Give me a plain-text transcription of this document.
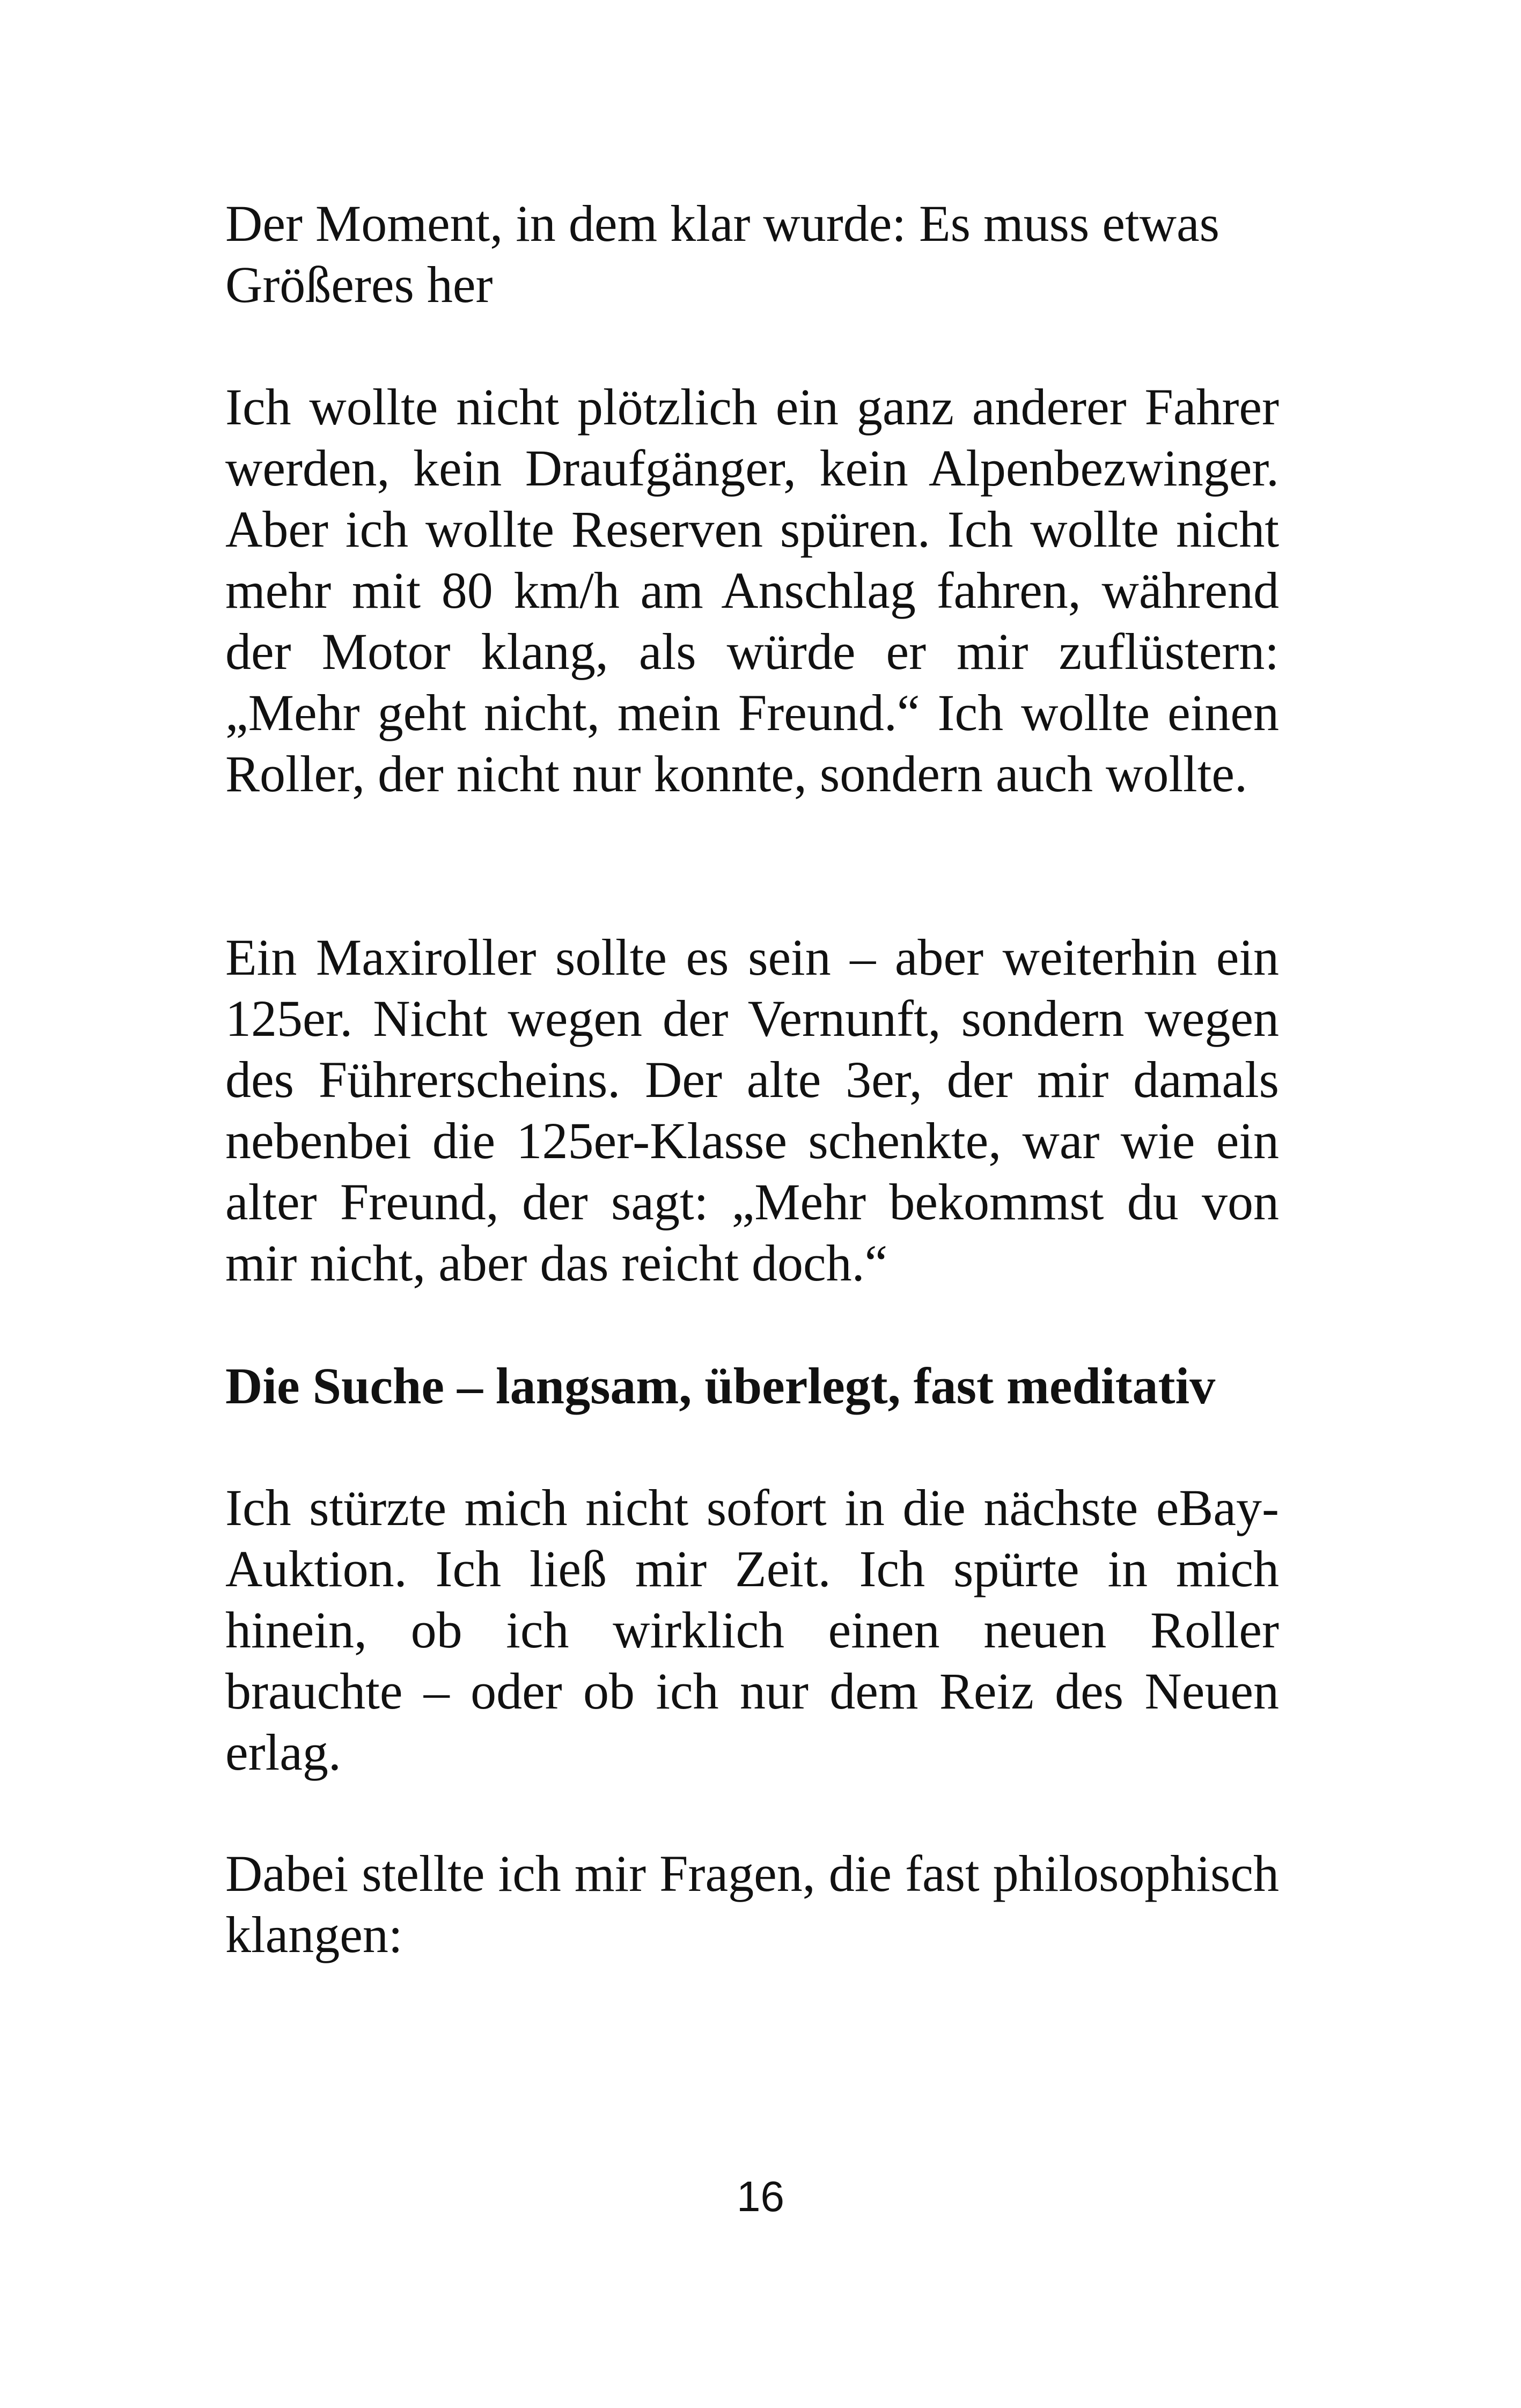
Der Moment, in dem klar wurde: Es muss etwas Größeres her

Ich wollte nicht plötzlich ein ganz anderer Fahrer werden, kein Draufgänger, kein Alpenbezwinger. Aber ich wollte Reserven spüren. Ich wollte nicht mehr mit 80 km/h am Anschlag fahren, während der Motor klang, als würde er mir zuflüstern: „Mehr geht nicht, mein Freund.“ Ich wollte einen Roller, der nicht nur konnte, sondern auch wollte.

Ein Maxiroller sollte es sein – aber weiterhin ein 125er. Nicht wegen der Vernunft, sondern wegen des Führerscheins. Der alte 3er, der mir damals nebenbei die 125er-Klasse schenkte, war wie ein alter Freund, der sagt: „Mehr bekommst du von mir nicht, aber das reicht doch.“

Die Suche – langsam, überlegt, fast meditativ

Ich stürzte mich nicht sofort in die nächste eBay-Auktion. Ich ließ mir Zeit. Ich spürte in mich hinein, ob ich wirklich einen neuen Roller brauchte – oder ob ich nur dem Reiz des Neuen erlag.

Dabei stellte ich mir Fragen, die fast philosophisch klangen:

16
